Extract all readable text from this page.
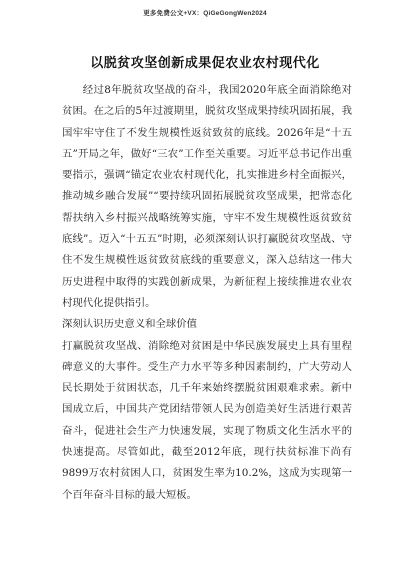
更多免费公文+VX：QiGeGongWen2024
以脱贫攻坚创新成果促农业农村现代化

经过8年脱贫攻坚战的奋斗，我国2020年底全面消除绝对贫困。在之后的5年过渡期里，脱贫攻坚成果持续巩固拓展，我国牢牢守住了不发生规模性返贫致贫的底线。2026年是“十五五”开局之年，做好“三农”工作至关重要。习近平总书记作出重要指示，强调“锚定农业农村现代化，扎实推进乡村全面振兴，推动城乡融合发展”“要持续巩固拓展脱贫攻坚成果，把常态化帮扶纳入乡村振兴战略统筹实施，守牢不发生规模性返贫致贫底线”。迈入“十五五”时期，必须深刻认识打赢脱贫攻坚战、守住不发生规模性返贫致贫底线的重要意义，深入总结这一伟大历史进程中取得的实践创新成果，为新征程上接续推进农业农村现代化提供指引。

深刻认识历史意义和全球价值

打赢脱贫攻坚战、消除绝对贫困是中华民族发展史上具有里程碑意义的大事件。受生产力水平等多种因素制约，广大劳动人民长期处于贫困状态，几千年来始终摆脱贫困艰难求索。新中国成立后，中国共产党团结带领人民为创造美好生活进行艰苦奋斗，促进社会生产力快速发展，实现了物质文化生活水平的快速提高。尽管如此，截至2012年底，现行扶贫标准下尚有9899万农村贫困人口，贫困发生率为10.2%，这成为实现第一个百年奋斗目标的最大短板。
